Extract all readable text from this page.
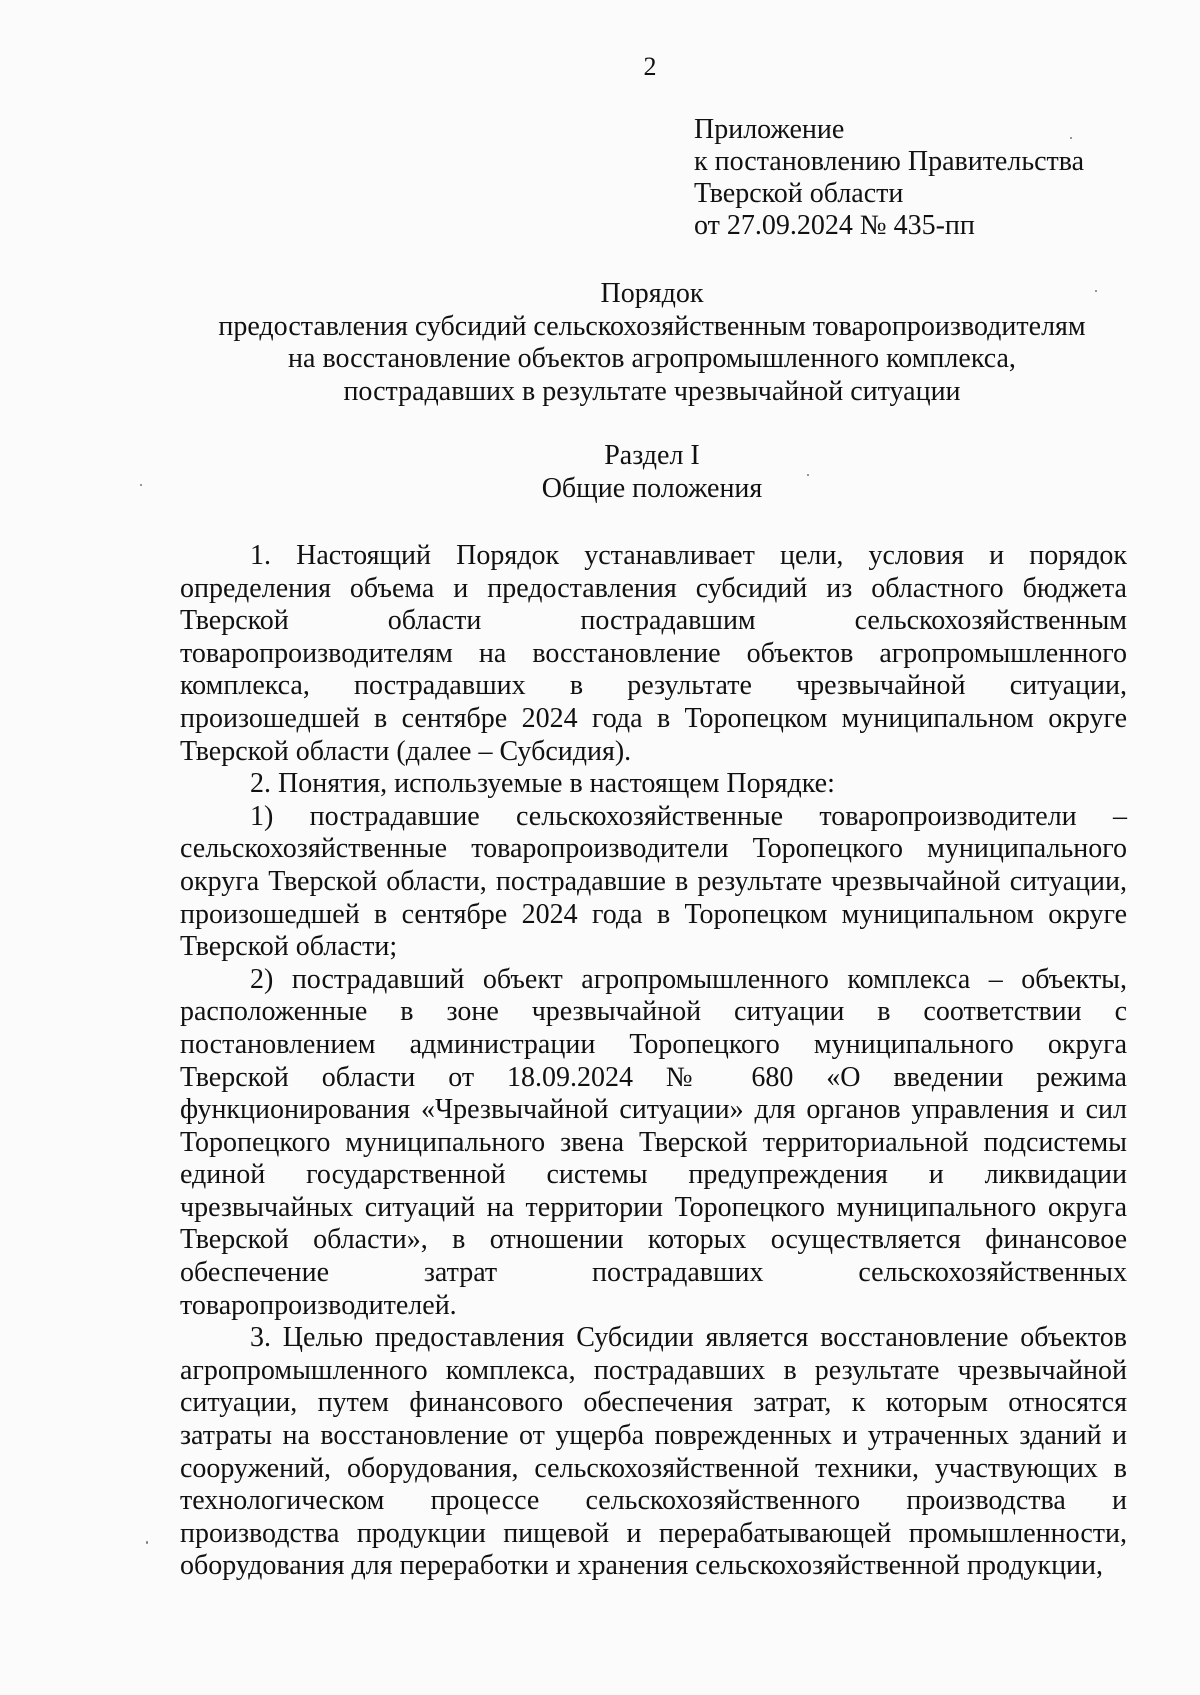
2
Приложение
к постановлению Правительства
Тверской области
от 27.09.2024 № 435-пп
Порядок
предоставления субсидий сельскохозяйственным товаропроизводителям
на восстановление объектов агропромышленного комплекса,
пострадавших в результате чрезвычайной ситуации
Раздел I
Общие положения

1. Настоящий Порядок устанавливает цели, условия и порядок определения объема и предоставления субсидий из областного бюджета Тверской области пострадавшим сельскохозяйственным товаропроизводителям на восстановление объектов агропромышленного комплекса, пострадавших в результате чрезвычайной ситуации, произошедшей в сентябре 2024 года в Торопецком муниципальном округе Тверской области (далее – Субсидия).

2. Понятия, используемые в настоящем Порядке:

1) пострадавшие сельскохозяйственные товаропроизводители – сельскохозяйственные товаропроизводители Торопецкого муниципального округа Тверской области, пострадавшие в результате чрезвычайной ситуации, произошедшей в сентябре 2024 года в Торопецком муниципальном округе Тверской области;

2) пострадавший объект агропромышленного комплекса – объекты, расположенные в зоне чрезвычайной ситуации в соответствии с постановлением администрации Торопецкого муниципального округа Тверской области от 18.09.2024 № 680 «О введении режима функционирования «Чрезвычайной ситуации» для органов управления и сил Торопецкого муниципального звена Тверской территориальной подсистемы единой государственной системы предупреждения и ликвидации чрезвычайных ситуаций на территории Торопецкого муниципального округа Тверской области», в отношении которых осуществляется финансовое обеспечение затрат пострадавших сельскохозяйственных товаропроизводителей.

3. Целью предоставления Субсидии является восстановление объектов агропромышленного комплекса, пострадавших в результате чрезвычайной ситуации, путем финансового обеспечения затрат, к которым относятся затраты на восстановление от ущерба поврежденных и утраченных зданий и сооружений, оборудования, сельскохозяйственной техники, участвующих в технологическом процессе сельскохозяйственного производства и производства продукции пищевой и перерабатывающей промышленности, оборудования для переработки и хранения сельскохозяйственной продукции,
